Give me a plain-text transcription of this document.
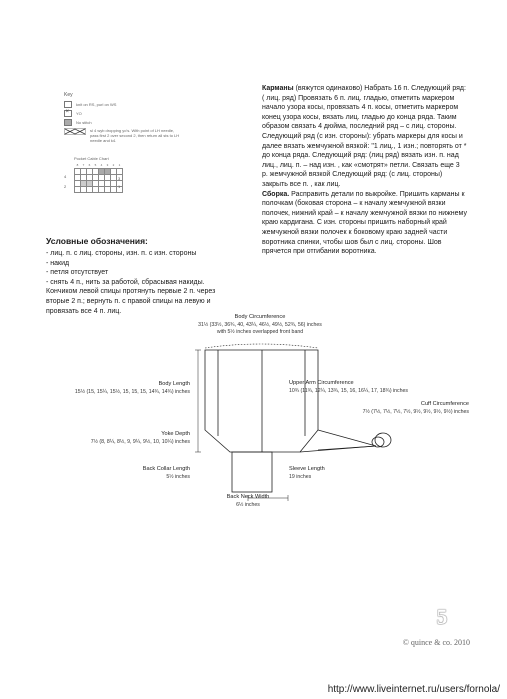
Key
knit on RS, purl on WS
×
YO
No stitch
sl 4 wyb dropping yo's. With point of LH needle, pass first 2 over second 2, then return all sts to LH needle and k4.
Pocket Cable Chart
8	7	6	5	4	3	2	1

4
2
3
1
Условные обозначения:

- лиц. п. с лиц. стороны, изн. п. с изн. стороны

- накид

- петля отсутствует

- снять 4 п., нить за работой, сбрасывая накиды. Кончиком левой спицы протянуть первые 2 п. через вторые 2 п.; вернуть п. с правой спицы на левую и провязать все 4 п. лиц.

Карманы (вяжутся одинаково) Набрать 16 п. Следующий ряд: ( лиц. ряд) Провязать 6 п. лиц. гладью, отметить маркером начало узора косы, провязать 4 п. косы, отметить маркером конец узора косы, вязать лиц. гладью до конца ряда. Таким образом связать 4 дюйма, последний ряд – с лиц. стороны. Следующий ряд (с изн. стороны): убрать маркеры для косы и далее вязать жемчужной вязкой: "1 лиц., 1 изн.; повторять от * до конца ряда. Следующий ряд: (лиц ряд) вязать изн. п. над лиц., лиц. п. – над изн. , как «смотрят» петли. Связать еще 3 р. жемчужной вязкой Следующий ряд: (с лиц. стороны) закрыть все п. , как лиц.

Сборка. Расправить детали по выкройке. Пришить карманы к полочкам (боковая сторона – к началу жемчужной вязки полочек, нижний край – к началу жемчужной вязки по нижнему краю кардигана. С изн. стороны пришить наборный край жемчужной вязки полочек к боковому краю задней части воротника спинки, чтобы шов был с лиц. стороны. Шов прячется при отгибании воротника.

Body Circumference
31½ (33½, 36¾, 40, 43¼, 46½, 49½, 52¾, 56) inches
with 5½ inches overlapped front band
Body Length
15½ (15, 15¼, 15½, 15, 15, 15, 14¾, 14¾) inches
Upper Arm Circumference
10¾ (11¾, 12¼, 13¾, 15, 16, 16¼, 17, 18¾) inches
Cuff Circumference
7½ (7½, 7½, 7½, 7½, 9½, 9½, 9½, 9½) inches
Yoke Depth
7½ (8, 8¼, 8½, 9, 9¼, 9½, 10, 10¼) inches
Back Collar Length
5½ inches
Sleeve Length
19 inches
Back Neck Width
6½ inches
5
© quince & co. 2010
http://www.liveinternet.ru/users/fornola/
